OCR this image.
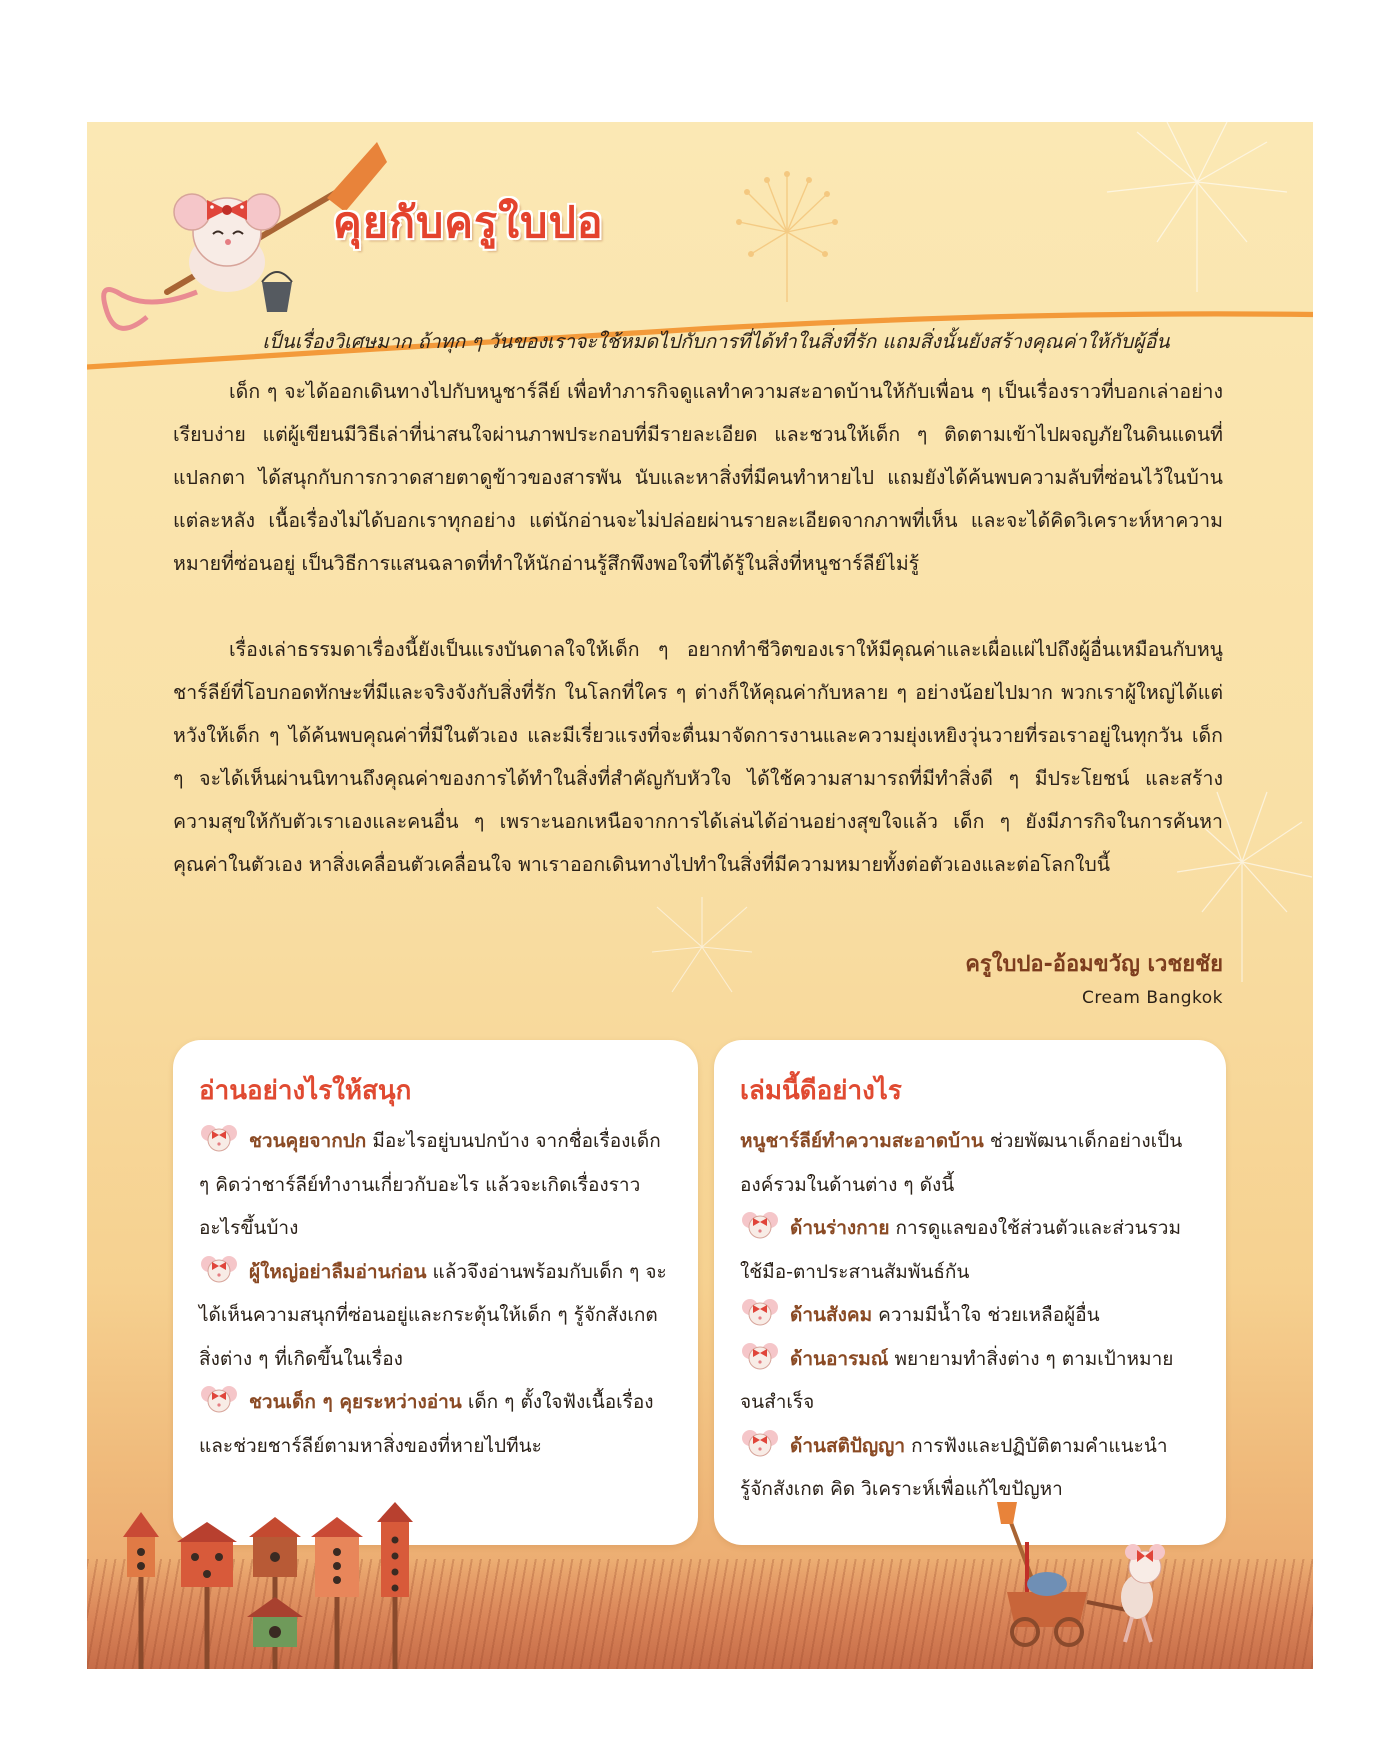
คุยกับครูใบปอ

เป็นเรื่องวิเศษมาก ถ้าทุก ๆ วันของเราจะใช้หมดไปกับการที่ได้ทำในสิ่งที่รัก แถมสิ่งนั้นยังสร้างคุณค่าให้กับผู้อื่น

เด็ก ๆ จะได้ออกเดินทางไปกับหนูชาร์ลีย์ เพื่อทำภารกิจดูแลทำความสะอาดบ้านให้กับเพื่อน ๆ เป็นเรื่องราวที่บอกเล่าอย่างเรียบง่าย แต่ผู้เขียนมีวิธีเล่าที่น่าสนใจผ่านภาพประกอบที่มีรายละเอียด และชวนให้เด็ก ๆ ติดตามเข้าไปผจญภัยในดินแดนที่แปลกตา ได้สนุกกับการกวาดสายตาดูข้าวของสารพัน นับและหาสิ่งที่มีคนทำหายไป แถมยังได้ค้นพบความลับที่ซ่อนไว้ในบ้านแต่ละหลัง เนื้อเรื่องไม่ได้บอกเราทุกอย่าง แต่นักอ่านจะไม่ปล่อยผ่านรายละเอียดจากภาพที่เห็น และจะได้คิดวิเคราะห์หาความหมายที่ซ่อนอยู่ เป็นวิธีการแสนฉลาดที่ทำให้นักอ่านรู้สึกพึงพอใจที่ได้รู้ในสิ่งที่หนูชาร์ลีย์ไม่รู้

เรื่องเล่าธรรมดาเรื่องนี้ยังเป็นแรงบันดาลใจให้เด็ก ๆ อยากทำชีวิตของเราให้มีคุณค่าและเผื่อแผ่ไปถึงผู้อื่นเหมือนกับหนูชาร์ลีย์ที่โอบกอดทักษะที่มีและจริงจังกับสิ่งที่รัก ในโลกที่ใคร ๆ ต่างก็ให้คุณค่ากับหลาย ๆ อย่างน้อยไปมาก พวกเราผู้ใหญ่ได้แต่หวังให้เด็ก ๆ ได้ค้นพบคุณค่าที่มีในตัวเอง และมีเรี่ยวแรงที่จะตื่นมาจัดการงานและความยุ่งเหยิงวุ่นวายที่รอเราอยู่ในทุกวัน เด็ก ๆ จะได้เห็นผ่านนิทานถึงคุณค่าของการได้ทำในสิ่งที่สำคัญกับหัวใจ ได้ใช้ความสามารถที่มีทำสิ่งดี ๆ มีประโยชน์ และสร้างความสุขให้กับตัวเราเองและคนอื่น ๆ เพราะนอกเหนือจากการได้เล่นได้อ่านอย่างสุขใจแล้ว เด็ก ๆ ยังมีภารกิจในการค้นหาคุณค่าในตัวเอง หาสิ่งเคลื่อนตัวเคลื่อนใจ พาเราออกเดินทางไปทำในสิ่งที่มีความหมายทั้งต่อตัวเองและต่อโลกใบนี้

ครูใบปอ-อ้อมขวัญ เวชยชัย

Cream Bangkok

อ่านอย่างไรให้สนุก
ชวนคุยจากปก มีอะไรอยู่บนปกบ้าง จากชื่อเรื่องเด็ก ๆ คิดว่าชาร์ลีย์ทำงานเกี่ยวกับอะไร แล้วจะเกิดเรื่องราวอะไรขึ้นบ้าง
ผู้ใหญ่อย่าลืมอ่านก่อน แล้วจึงอ่านพร้อมกับเด็ก ๆ จะได้เห็นความสนุกที่ซ่อนอยู่และกระตุ้นให้เด็ก ๆ รู้จักสังเกตสิ่งต่าง ๆ ที่เกิดขึ้นในเรื่อง
ชวนเด็ก ๆ คุยระหว่างอ่าน เด็ก ๆ ตั้งใจฟังเนื้อเรื่องและช่วยชาร์ลีย์ตามหาสิ่งของที่หายไปทีนะ
เล่มนี้ดีอย่างไร
หนูชาร์ลีย์ทำความสะอาดบ้าน ช่วยพัฒนาเด็กอย่างเป็นองค์รวมในด้านต่าง ๆ ดังนี้
ด้านร่างกาย การดูแลของใช้ส่วนตัวและส่วนรวม ใช้มือ-ตาประสานสัมพันธ์กัน
ด้านสังคม ความมีน้ำใจ ช่วยเหลือผู้อื่น
ด้านอารมณ์ พยายามทำสิ่งต่าง ๆ ตามเป้าหมายจนสำเร็จ
ด้านสติปัญญา การฟังและปฏิบัติตามคำแนะนำ รู้จักสังเกต คิด วิเคราะห์เพื่อแก้ไขปัญหา
